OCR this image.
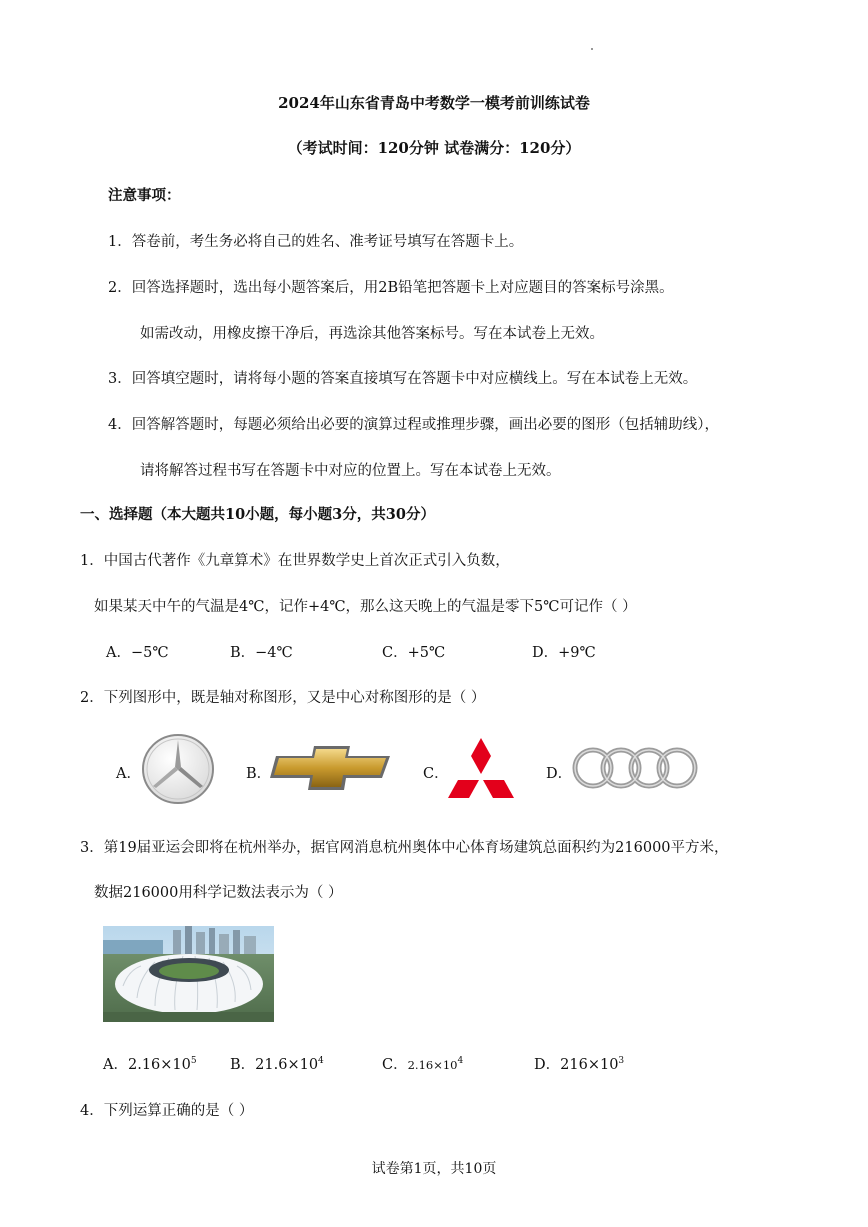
2024年山东省青岛中考数学一模考前训练试卷
（考试时间：120分钟 试卷满分：120分）
注意事项：
1．答卷前，考生务必将自己的姓名、准考证号填写在答题卡上。
2．回答选择题时，选出每小题答案后，用2B铅笔把答题卡上对应题目的答案标号涂黑。
如需改动，用橡皮擦干净后，再选涂其他答案标号。写在本试卷上无效。
3．回答填空题时，请将每小题的答案直接填写在答题卡中对应横线上。写在本试卷上无效。
4．回答解答题时，每题必须给出必要的演算过程或推理步骤，画出必要的图形（包括辅助线），
请将解答过程书写在答题卡中对应的位置上。写在本试卷上无效。
一、选择题（本大题共10小题，每小题3分，共30分）
1．中国古代著作《九章算术》在世界数学史上首次正式引入负数，
如果某天中午的气温是4℃，记作+4℃，那么这天晚上的气温是零下5℃可记作（ ）
A．−5℃	B．−4℃	C．+5℃	D．+9℃
2．下列图形中，既是轴对称图形，又是中心对称图形的是（ ）
A．	B．	C．	D．
3．第19届亚运会即将在杭州举办，据官网消息杭州奥体中心体育场建筑总面积约为216000平方米，
数据216000用科学记数法表示为（ ）
A．$2.16\times 10^5$ B．$21.6\times 10^4$	C．$2.16\times 10^4$	D．$216\times 10^3$
4．下列运算正确的是（ ）
试卷第1页，共10页
